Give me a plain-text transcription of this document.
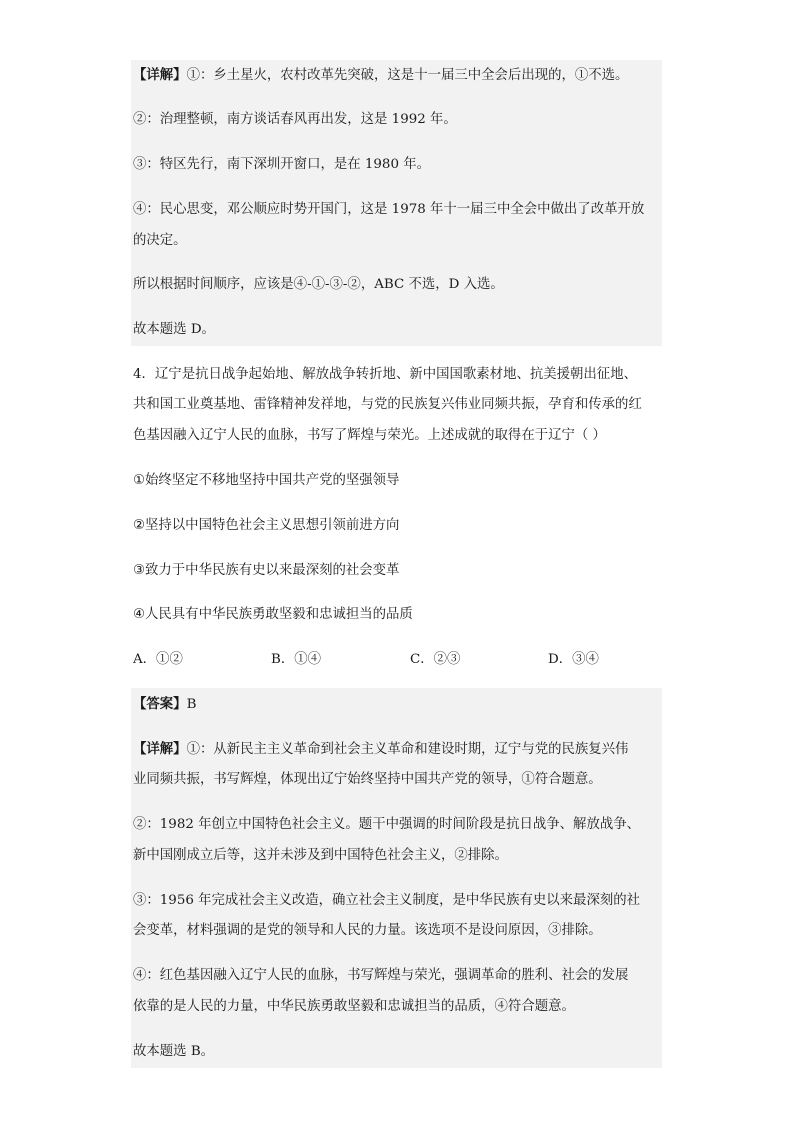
【详解】①：乡土星火，农村改革先突破，这是十一届三中全会后出现的，①不选。
②：治理整顿，南方谈话春风再出发，这是 1992 年。
③：特区先行，南下深圳开窗口，是在 1980 年。
④：民心思变，邓公顺应时势开国门，这是 1978 年十一届三中全会中做出了改革开放
的决定。
所以根据时间顺序，应该是④-①-③-②，ABC 不选，D 入选。
故本题选 D。
4．辽宁是抗日战争起始地、解放战争转折地、新中国国歌素材地、抗美援朝出征地、
共和国工业奠基地、雷锋精神发祥地，与党的民族复兴伟业同频共振，孕育和传承的红
色基因融入辽宁人民的血脉，书写了辉煌与荣光。上述成就的取得在于辽宁（ ）
①始终坚定不移地坚持中国共产党的坚强领导
②坚持以中国特色社会主义思想引领前进方向
③致力于中华民族有史以来最深刻的社会变革
④人民具有中华民族勇敢坚毅和忠诚担当的品质
A．①②	B．①④	C．②③	D．③④
【答案】B
【详解】①：从新民主主义革命到社会主义革命和建设时期，辽宁与党的民族复兴伟
业同频共振，书写辉煌，体现出辽宁始终坚持中国共产党的领导，①符合题意。
②：1982 年创立中国特色社会主义。题干中强调的时间阶段是抗日战争、解放战争、
新中国刚成立后等，这并未涉及到中国特色社会主义，②排除。
③：1956 年完成社会主义改造，确立社会主义制度，是中华民族有史以来最深刻的社
会变革，材料强调的是党的领导和人民的力量。该选项不是设问原因，③排除。
④：红色基因融入辽宁人民的血脉，书写辉煌与荣光，强调革命的胜利、社会的发展
依靠的是人民的力量，中华民族勇敢坚毅和忠诚担当的品质，④符合题意。
故本题选 B。
